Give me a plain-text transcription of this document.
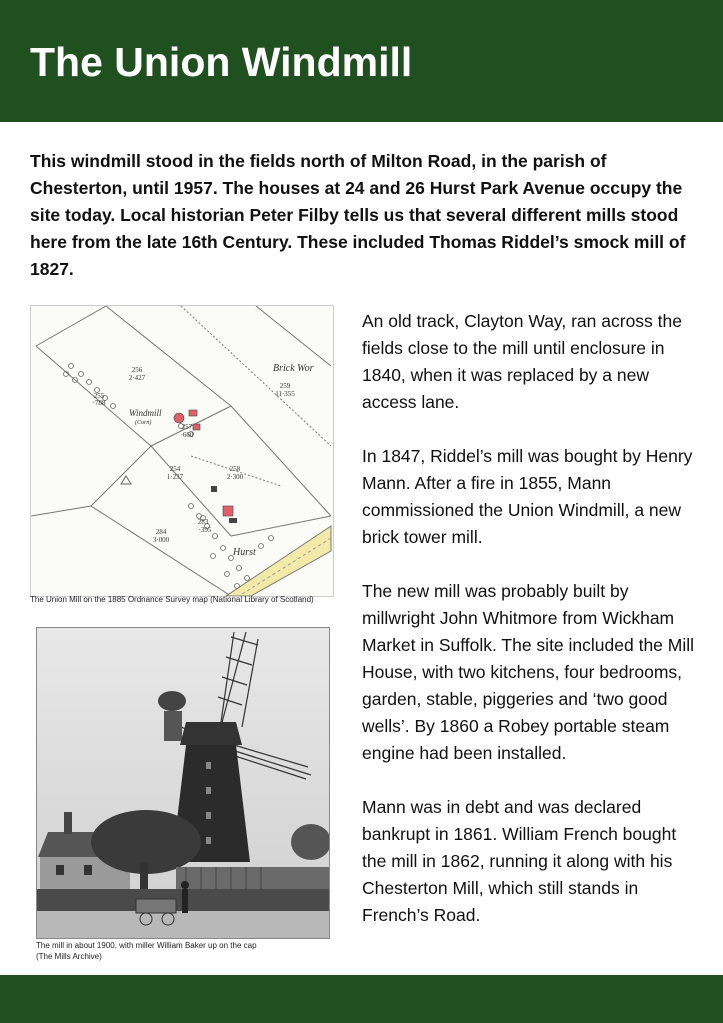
The Union Windmill

This windmill stood in the fields north of Milton Road, in the parish of Chesterton, until 1957. The houses at 24 and 26 Hurst Park Avenue occupy the site today. Local historian Peter Filby tells us that several different mills stood here from the late 16th Century. These included Thomas Riddel’s smock mill of 1827.

Brick Wor
Windmill
(Corn)
Hurst
256
2·427
255
·788
257
·660
259
11·355
254
1·237
258
2·300
283
·395
284
3·000

The Union Mill on the 1885 Ordnance Survey map (National Library of Scotland)

The mill in about 1900, with miller William Baker up on the cap
(The Mills Archive)

An old track, Clayton Way, ran across the fields close to the mill until enclosure in 1840, when it was replaced by a new access lane.

In 1847, Riddel’s mill was bought by Henry Mann. After a fire in 1855, Mann commissioned the Union Windmill, a new brick tower mill.

The new mill was probably built by millwright John Whitmore from Wickham Market in Suffolk. The site included the Mill House, with two kitchens, four bedrooms, garden, stable, piggeries and ‘two good wells’. By 1860 a Robey portable steam engine had been installed.

Mann was in debt and was declared bankrupt in 1861. William French bought the mill in 1862, running it along with his Chesterton Mill, which still stands in French’s Road.
